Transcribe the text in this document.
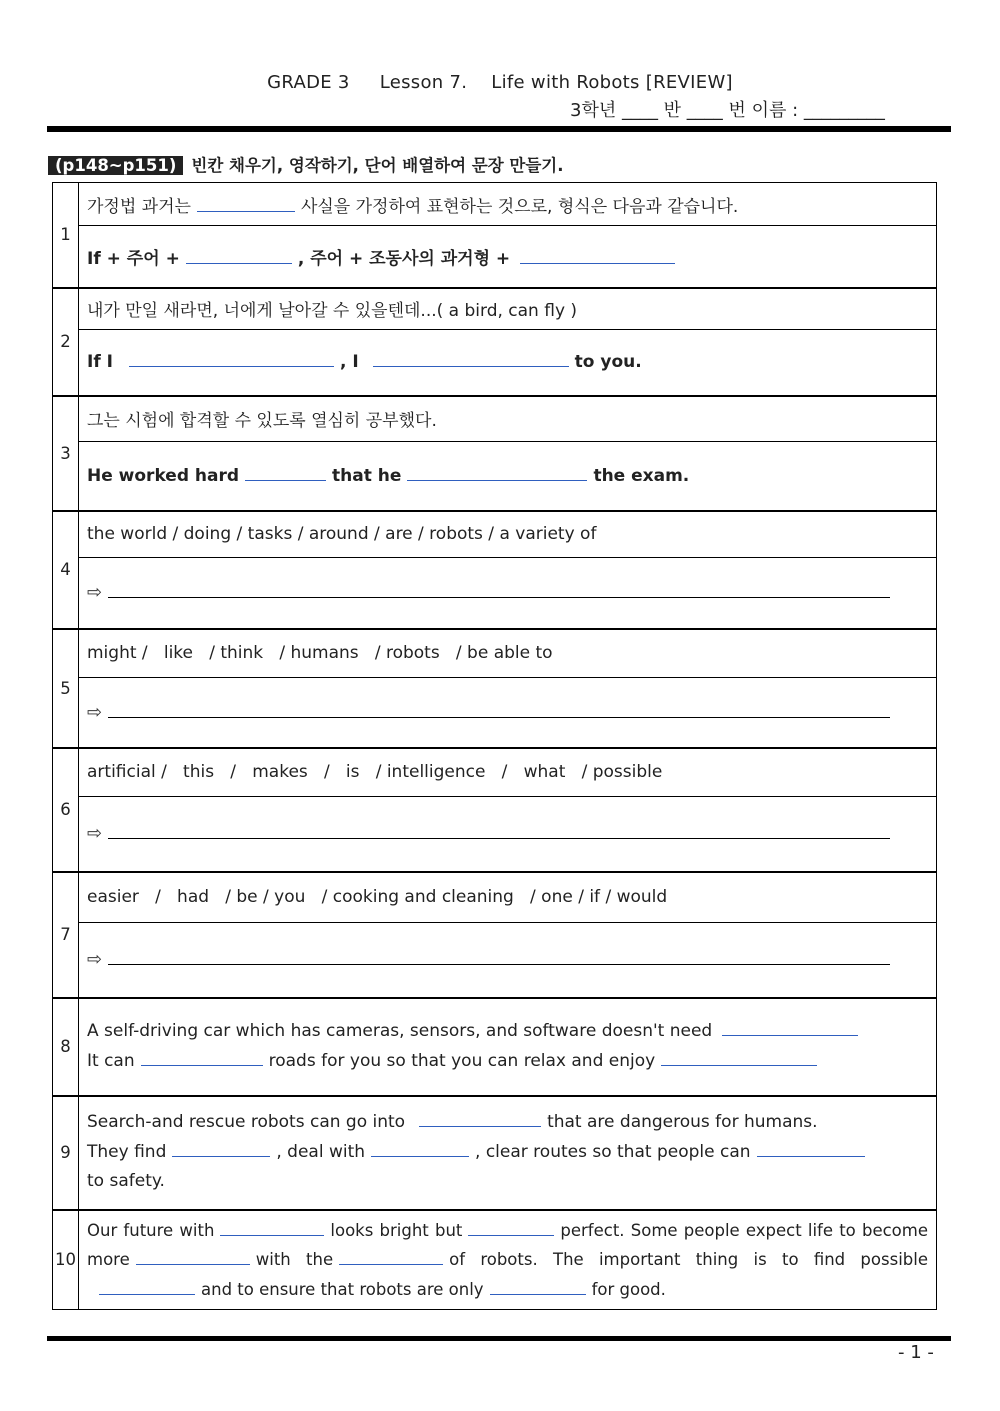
GRADE 3 Lesson 7. Life with Robots [REVIEW]
3학년 ____ 반 ____ 번 이름 : _________
(p148~p151) 빈칸 채우기, 영작하기, 단어 배열하여 문장 만들기.
1	가정법 과거는 사실을 가정하여 표현하는 것으로, 형식은 다음과 같습니다.
	If + 주어 + , 주어 + 조동사의 과거형 +
2	내가 만일 새라면, 너에게 날아갈 수 있을텐데...( a bird, can fly )
	If I , I to you.
3	그는 시험에 합격할 수 있도록 열심히 공부했다.
	He worked hard that he the exam.
4	the world / doing / tasks / around / are / robots / a variety of
	⇨
5	might /   like   / think   / humans   / robots   / be able to
	⇨
6	artificial /   this   /   makes   /   is   / intelligence   /   what   / possible
	⇨
7	easier   /   had   / be / you   / cooking and cleaning   / one / if / would
	⇨
8	A self-driving car which has cameras, sensors, and software doesn't need
It can roads for you so that you can relax and enjoy

9	Search-and rescue robots can go into that are dangerous for humans.
They find , deal with , clear routes so that people can
to safety.

10	Our future with looks bright but perfect. Some people expect life to become more with the of robots. The important thing is to find possibleand to ensure that robots are only for good.
- 1 -
